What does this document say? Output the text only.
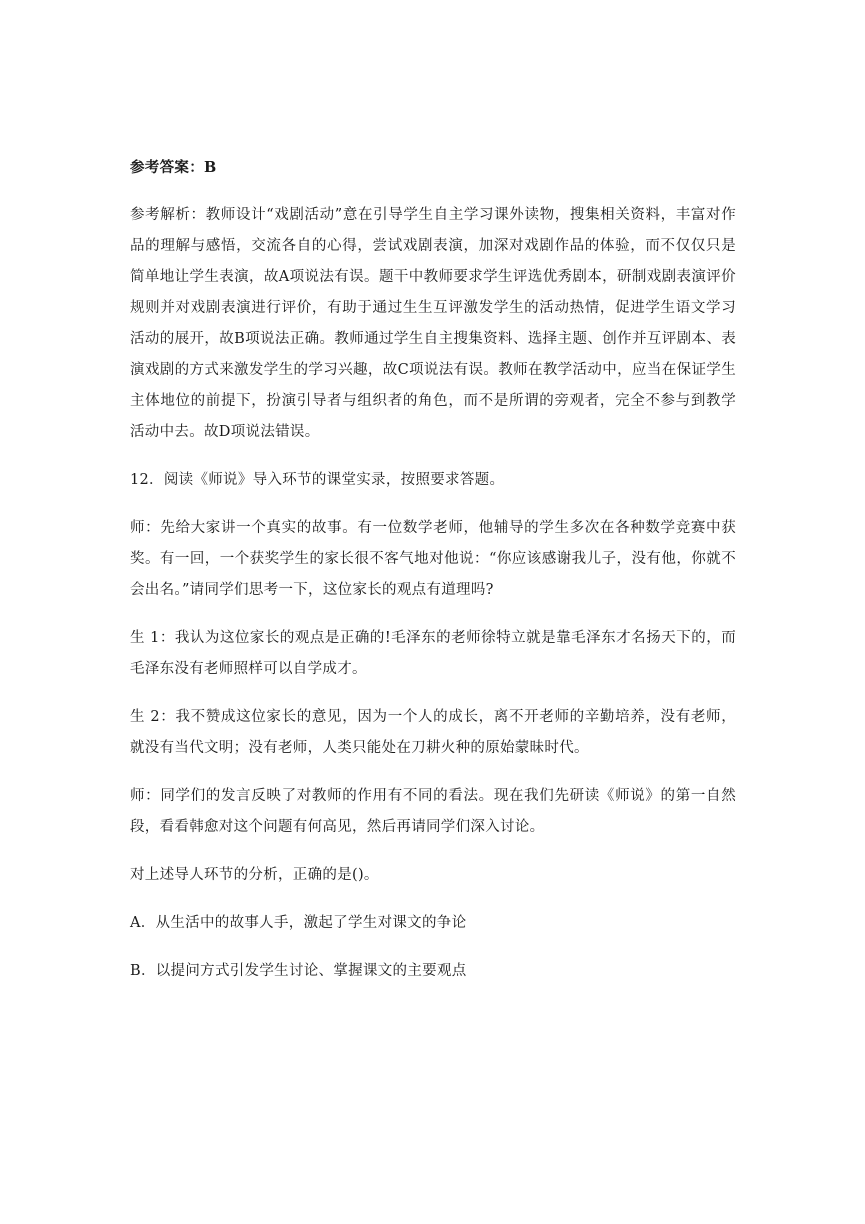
参考答案：B

参考解析：教师设计“戏剧活动”意在引导学生自主学习课外读物，搜集相关资料，丰富对作品的理解与感悟，交流各自的心得，尝试戏剧表演，加深对戏剧作品的体验，而不仅仅只是简单地让学生表演，故A项说法有误。题干中教师要求学生评选优秀剧本，研制戏剧表演评价规则并对戏剧表演进行评价，有助于通过生生互评激发学生的活动热情，促进学生语文学习活动的展开，故B项说法正确。教师通过学生自主搜集资料、选择主题、创作并互评剧本、表演戏剧的方式来激发学生的学习兴趣，故C项说法有误。教师在教学活动中，应当在保证学生主体地位的前提下，扮演引导者与组织者的角色，而不是所谓的旁观者，完全不参与到教学活动中去。故D项说法错误。

12．阅读《师说》导入环节的课堂实录，按照要求答题。

师：先给大家讲一个真实的故事。有一位数学老师，他辅导的学生多次在各种数学竞赛中获奖。有一回，一个获奖学生的家长很不客气地对他说：“你应该感谢我儿子，没有他，你就不会出名。”请同学们思考一下，这位家长的观点有道理吗?

生 1：我认为这位家长的观点是正确的!毛泽东的老师徐特立就是靠毛泽东才名扬天下的，而毛泽东没有老师照样可以自学成才。

生 2：我不赞成这位家长的意见，因为一个人的成长，离不开老师的辛勤培养，没有老师，就没有当代文明；没有老师，人类只能处在刀耕火种的原始蒙昧时代。

师：同学们的发言反映了对教师的作用有不同的看法。现在我们先研读《师说》的第一自然段，看看韩愈对这个问题有何高见，然后再请同学们深入讨论。

对上述导人环节的分析，正确的是()。

A．从生活中的故事人手，激起了学生对课文的争论

B．以提问方式引发学生讨论、掌握课文的主要观点
